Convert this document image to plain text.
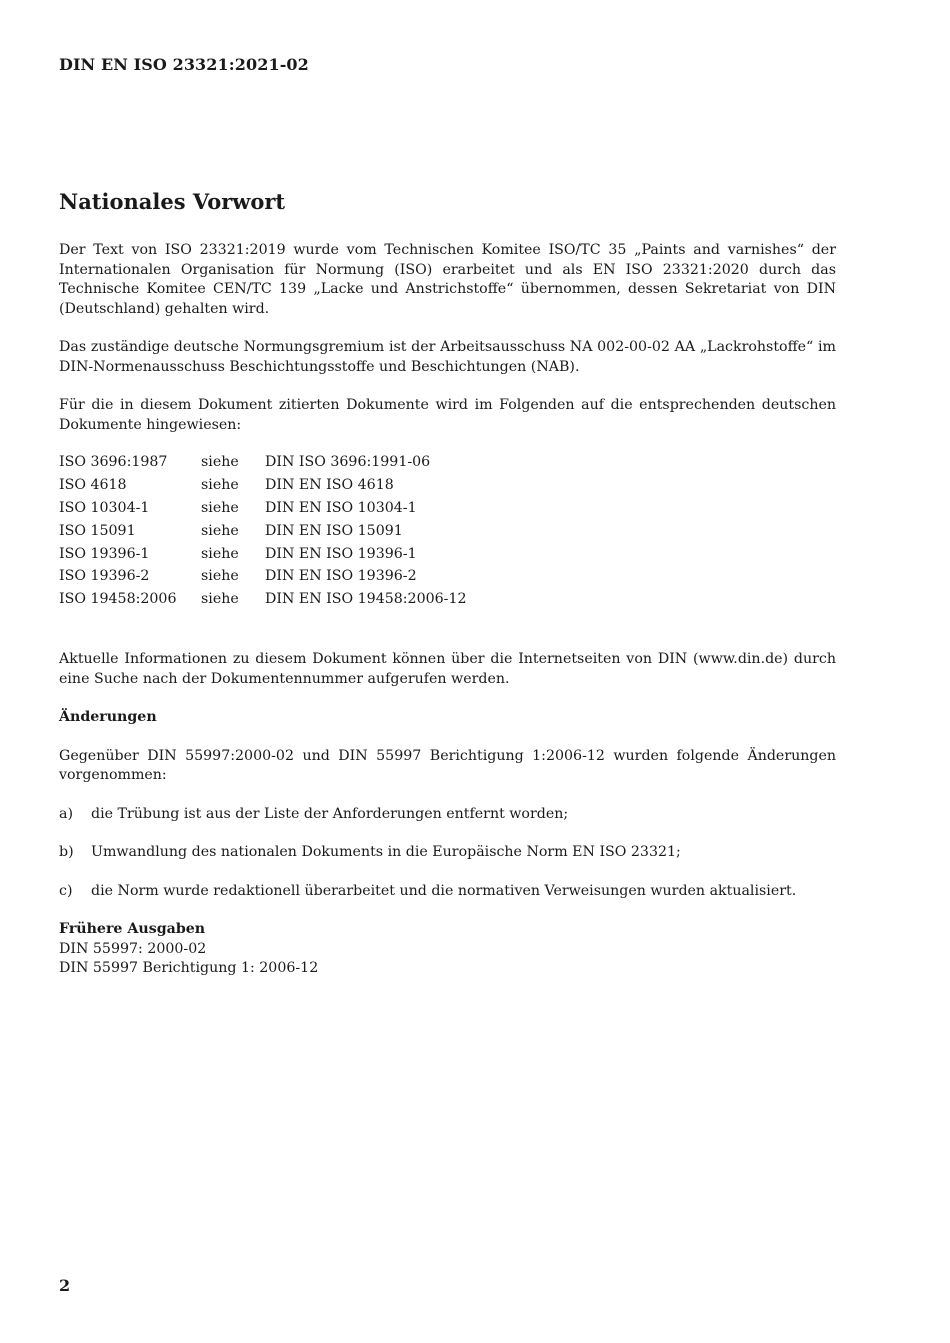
DIN EN ISO 23321:2021-02
Nationales Vorwort

Der Text von ISO 23321:2019 wurde vom Technischen Komitee ISO/TC 35 „Paints and varnishes“ der Internationalen Organisation für Normung (ISO) erarbeitet und als EN ISO 23321:2020 durch das Technische Komitee CEN/TC 139 „Lacke und Anstrichstoffe“ übernommen, dessen Sekretariat von DIN (Deutschland) gehalten wird.

Das zuständige deutsche Normungsgremium ist der Arbeitsausschuss NA 002-00-02 AA „Lackrohstoffe“ im DIN-Normenausschuss Beschichtungsstoffe und Beschichtungen (NAB).

Für die in diesem Dokument zitierten Dokumente wird im Folgenden auf die entsprechenden deutschen Dokumente hingewiesen:

ISO 3696:1987	siehe	DIN ISO 3696:1991-06
ISO 4618	siehe	DIN EN ISO 4618
ISO 10304-1	siehe	DIN EN ISO 10304-1
ISO 15091	siehe	DIN EN ISO 15091
ISO 19396-1	siehe	DIN EN ISO 19396-1
ISO 19396-2	siehe	DIN EN ISO 19396-2
ISO 19458:2006	siehe	DIN EN ISO 19458:2006-12

Aktuelle Informationen zu diesem Dokument können über die Internetseiten von DIN (www.din.de) durch eine Suche nach der Dokumentennummer aufgerufen werden.

Änderungen

Gegenüber DIN 55997:2000-02 und DIN 55997 Berichtigung 1:2006-12 wurden folgende Änderungen vorgenommen:

a)	die Trübung ist aus der Liste der Anforderungen entfernt worden;
b)	Umwandlung des nationalen Dokuments in die Europäische Norm EN ISO 23321;
c)	die Norm wurde redaktionell überarbeitet und die normativen Verweisungen wurden aktualisiert.
Frühere Ausgaben
DIN 55997: 2000-02
DIN 55997 Berichtigung 1: 2006-12
2
